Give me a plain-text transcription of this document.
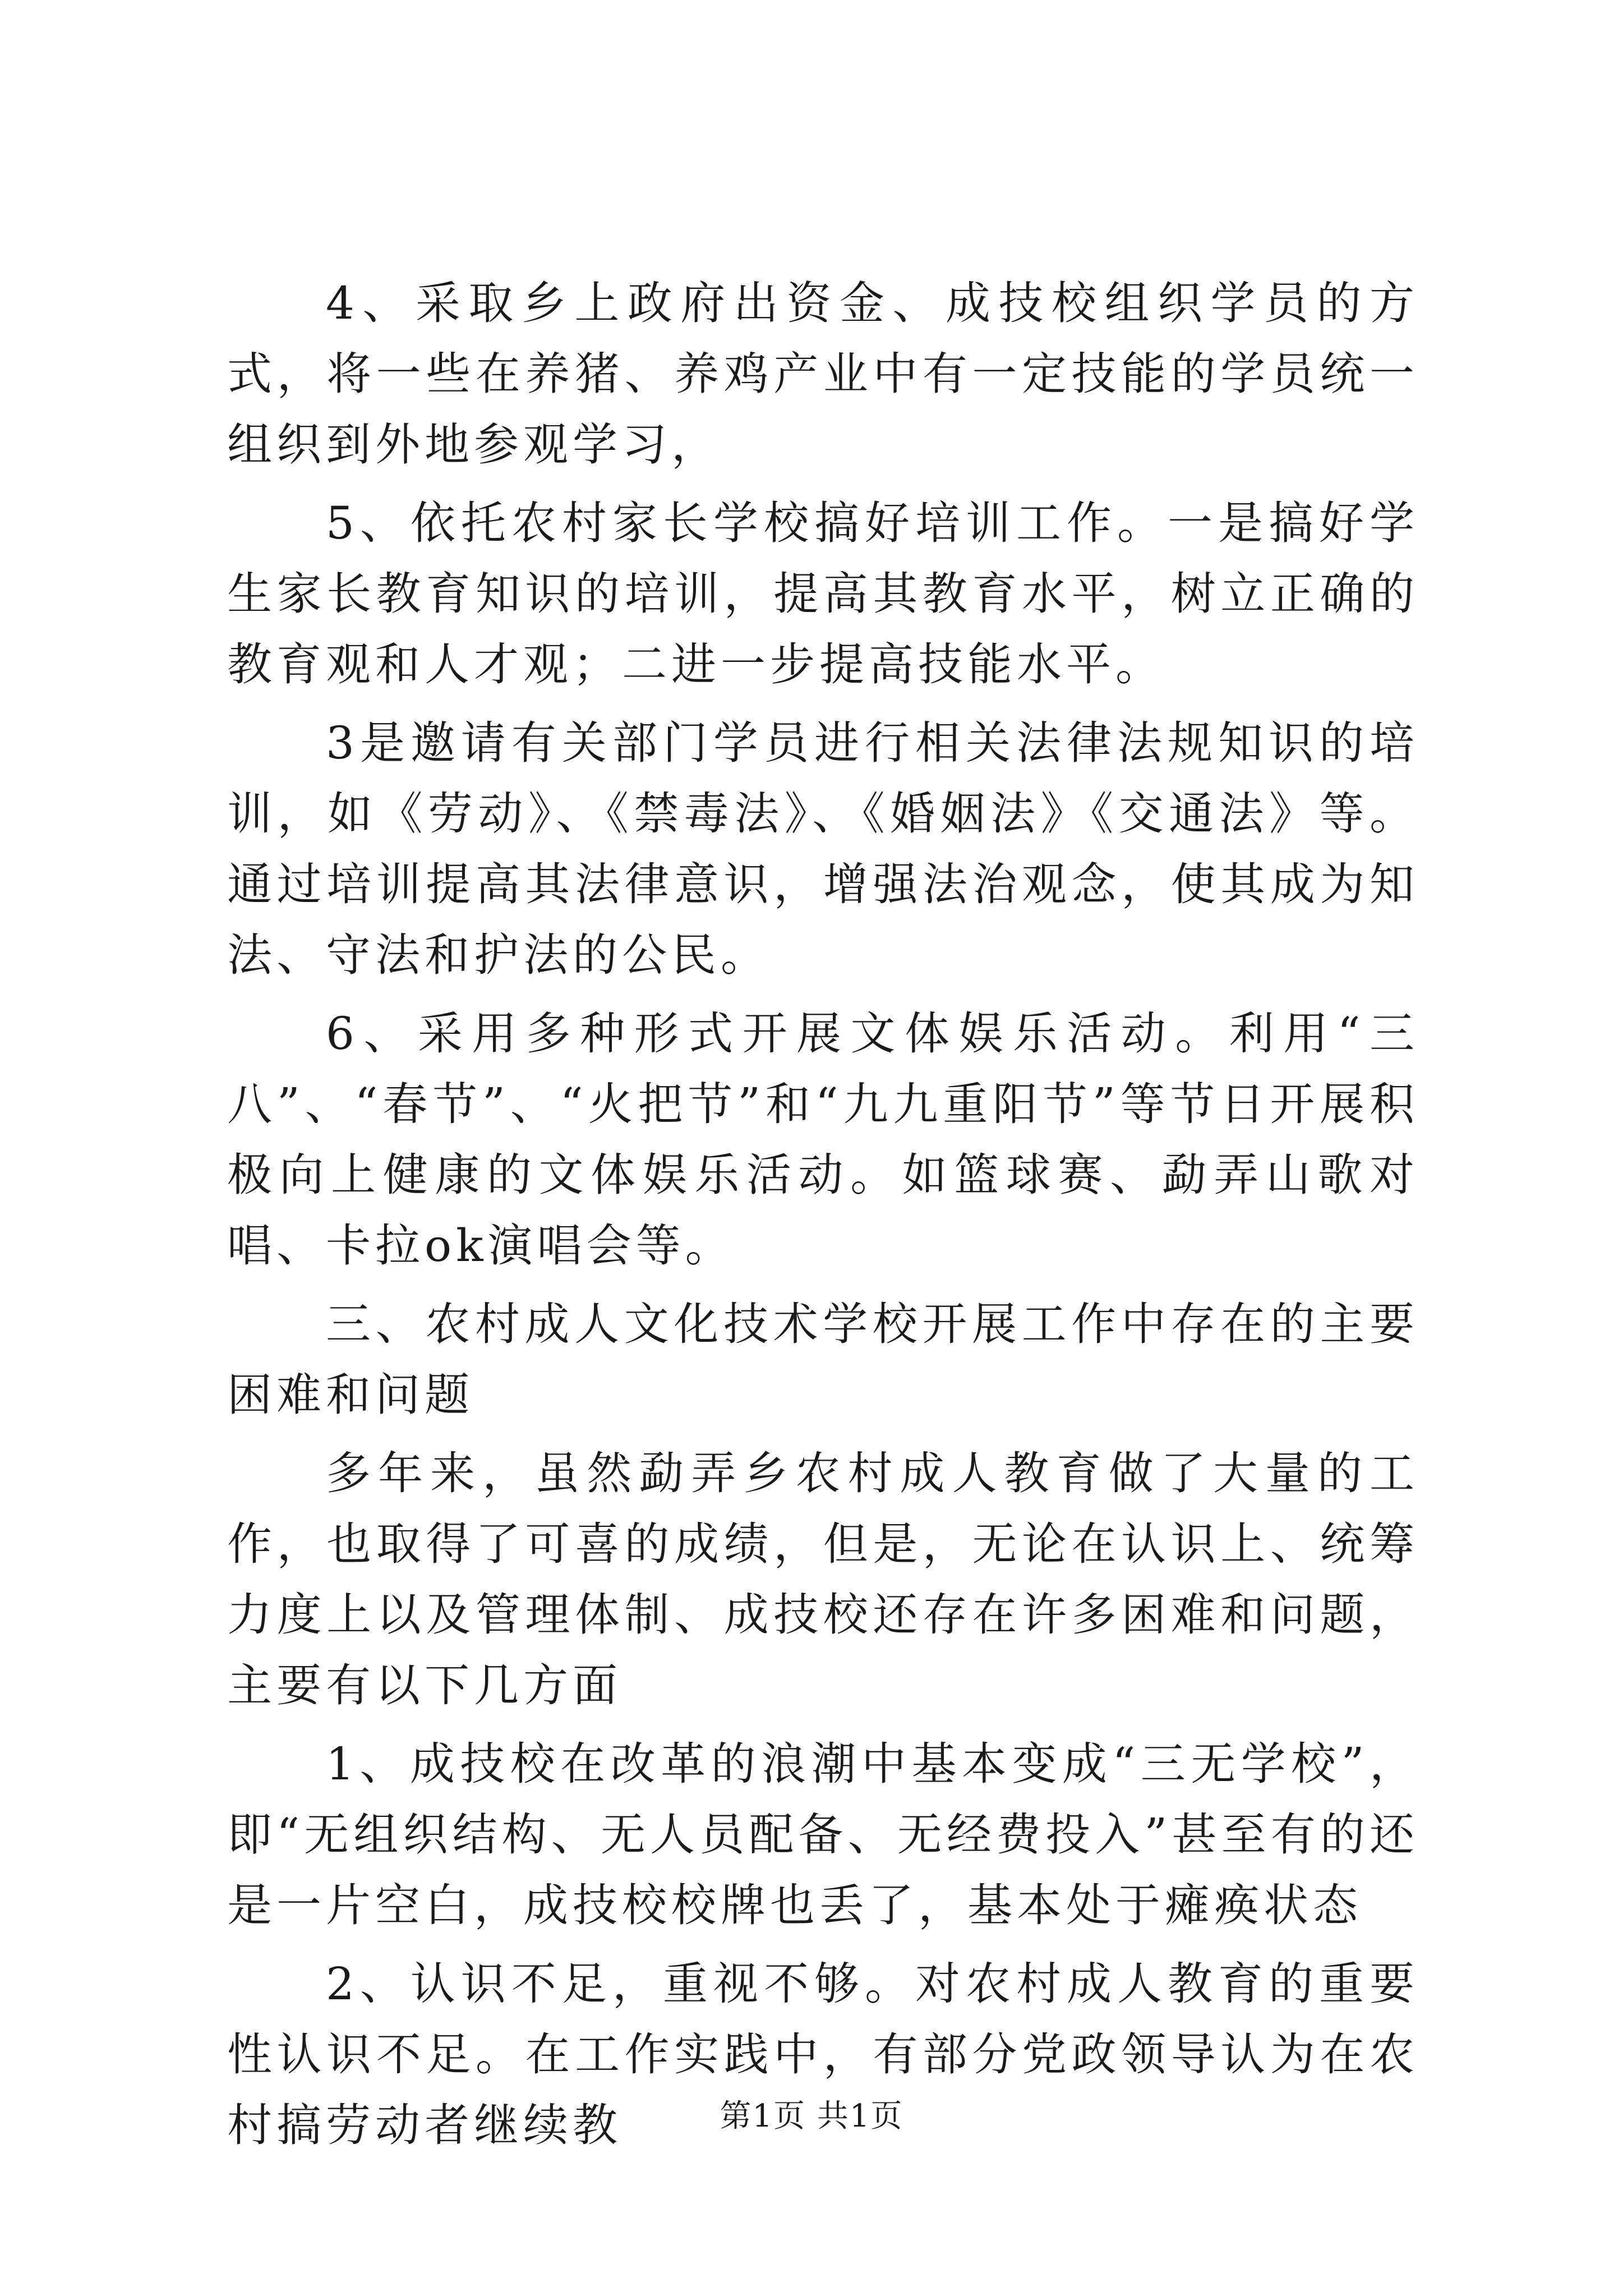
4、采取乡上政府出资金、成技校组织学员的方式，将一些在养猪、养鸡产业中有一定技能的学员统一组织到外地参观学习，

5、依托农村家长学校搞好培训工作。一是搞好学生家长教育知识的培训，提高其教育水平，树立正确的教育观和人才观；二进一步提高技能水平。

3是邀请有关部门学员进行相关法律法规知识的培训，如《劳动》、《禁毒法》、《婚姻法》《交通法》等。通过培训提高其法律意识，增强法治观念，使其成为知法、守法和护法的公民。

6、采用多种形式开展文体娱乐活动。利用“三八”、“春节”、“火把节”和“九九重阳节”等节日开展积极向上健康的文体娱乐活动。如篮球赛、勐弄山歌对唱、卡拉ok演唱会等。

三、农村成人文化技术学校开展工作中存在的主要困难和问题

多年来，虽然勐弄乡农村成人教育做了大量的工作，也取得了可喜的成绩，但是，无论在认识上、统筹力度上以及管理体制、成技校还存在许多困难和问题，主要有以下几方面

1、成技校在改革的浪潮中基本变成“三无学校”，即“无组织结构、无人员配备、无经费投入”甚至有的还是一片空白，成技校校牌也丢了，基本处于瘫痪状态

2、认识不足，重视不够。对农村成人教育的重要性认识不足。在工作实践中，有部分党政领导认为在农村搞劳动者继续教	第1页 共1页
